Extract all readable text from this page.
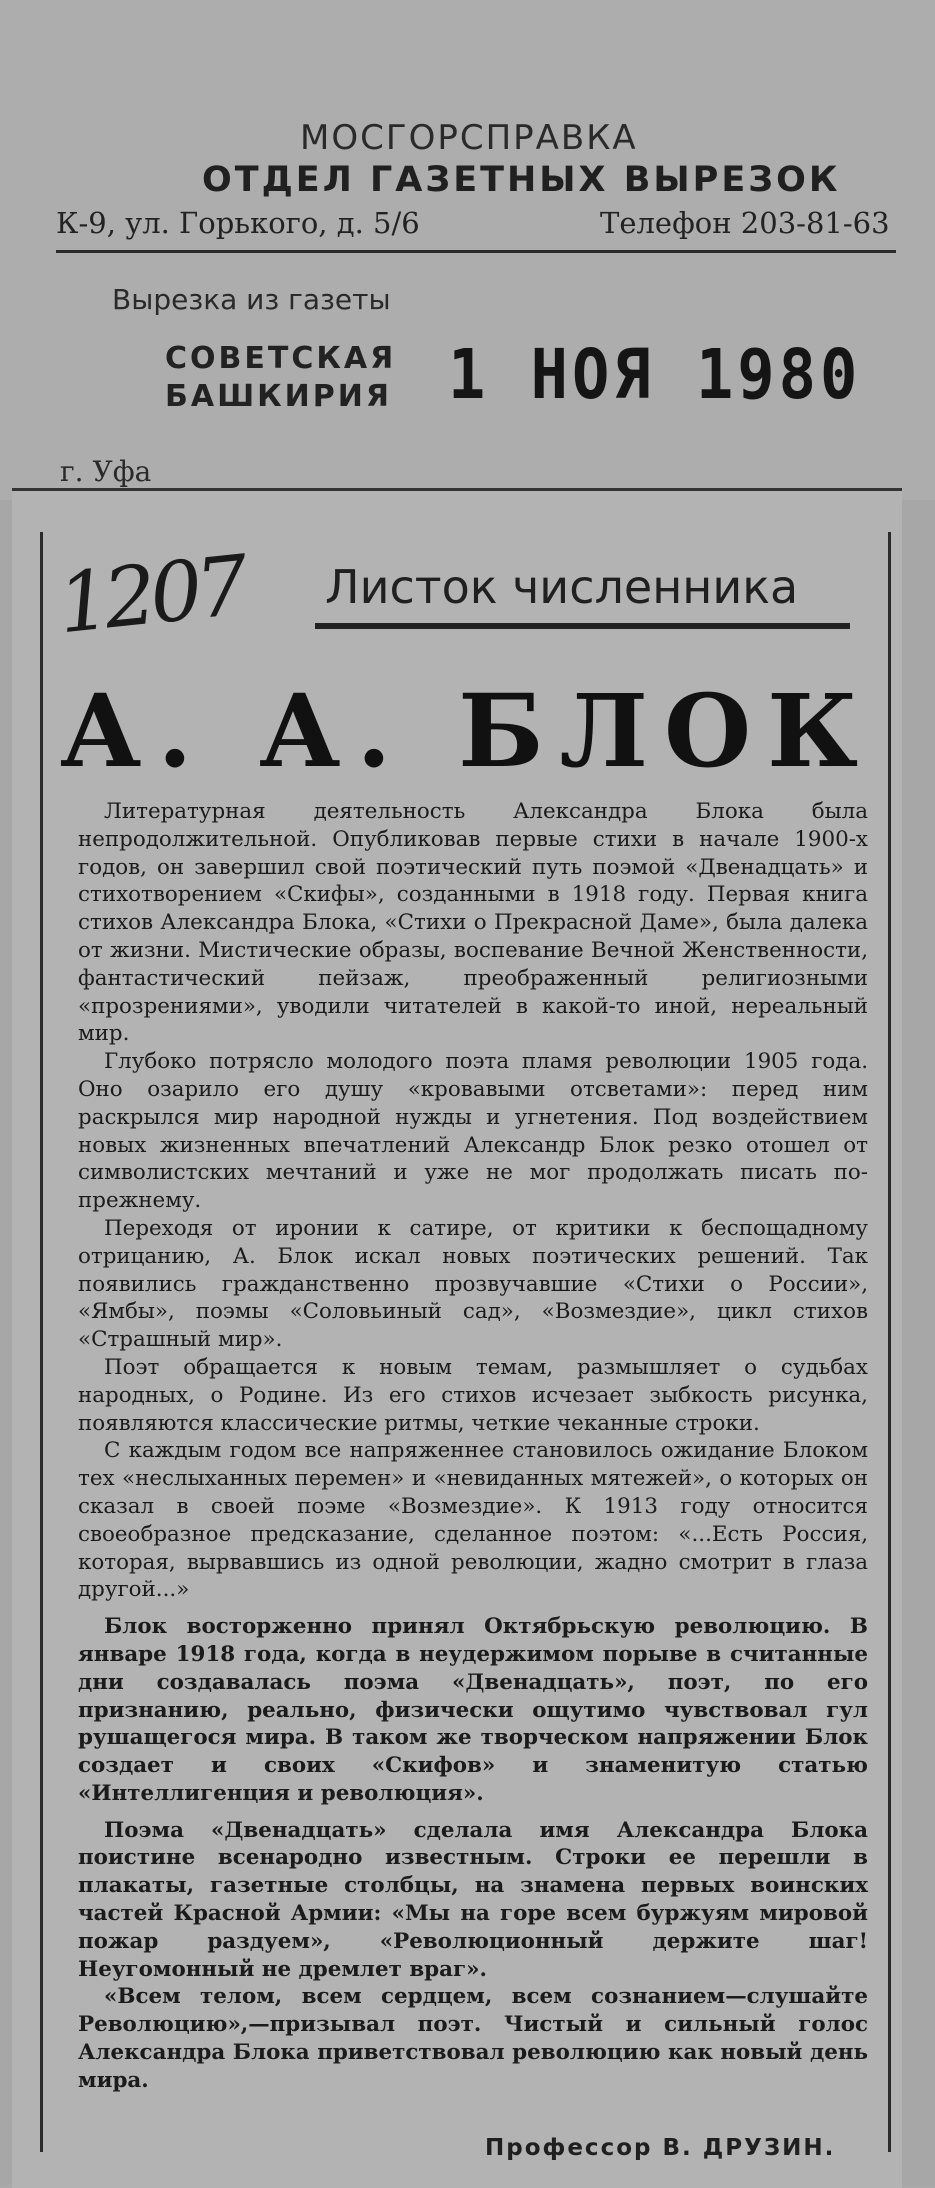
МОСГОРСПРАВКА
ОТДЕЛ ГАЗЕТНЫХ ВЫРЕЗОК
К-9, ул. Горького, д. 5/6	Телефон 203-81-63
Вырезка из газеты
СОВЕТСКАЯ
БАШКИРИЯ 1 НОЯ 1980
г. Уфа
1207 Листок численника
А. А. БЛОК

Литературная деятельность Александра Блока была непродолжительной. Опубликовав первые стихи в начале 1900-х годов, он завершил свой поэтический путь поэмой «Двенадцать» и стихотворением «Скифы», созданными в 1918 году. Первая книга стихов Александра Блока, «Стихи о Прекрасной Даме», была далека от жизни. Мистические образы, воспевание Вечной Женственности, фантастический пейзаж, преображенный религиозными «прозрениями», уводили читателей в какой-то иной, нереальный мир.

Глубоко потрясло молодого поэта пламя революции 1905 года. Оно озарило его душу «кровавыми отсветами»: перед ним раскрылся мир народной нужды и угнетения. Под воздействием новых жизненных впечатлений Александр Блок резко отошел от символистских мечтаний и уже не мог продолжать писать по-прежнему.

Переходя от иронии к сатире, от критики к беспощадному отрицанию, А. Блок искал новых поэтических решений. Так появились гражданственно прозвучавшие «Стихи о России», «Ямбы», поэмы «Соловьиный сад», «Возмездие», цикл стихов «Страшный мир».

Поэт обращается к новым темам, размышляет о судьбах народных, о Родине. Из его стихов исчезает зыбкость рисунка, появляются классические ритмы, четкие чеканные строки.

С каждым годом все напряженнее становилось ожидание Блоком тех «неслыханных перемен» и «невиданных мятежей», о которых он сказал в своей поэме «Возмездие». К 1913 году относится своеобразное предсказание, сделанное поэтом: «...Есть Россия, которая, вырвавшись из одной революции, жадно смотрит в глаза другой...»

Блок восторженно принял Октябрьскую революцию. В январе 1918 года, когда в неудержимом порыве в считанные дни создавалась поэма «Двенадцать», поэт, по его признанию, реально, физически ощутимо чувствовал гул рушащегося мира. В таком же творческом напряжении Блок создает и своих «Скифов» и знаменитую статью «Интеллигенция и революция».

Поэма «Двенадцать» сделала имя Александра Блока поистине всенародно известным. Строки ее перешли в плакаты, газетные столбцы, на знамена первых воинских частей Красной Армии: «Мы на горе всем буржуям мировой пожар раздуем», «Революционный держите шаг! Неугомонный не дремлет враг».

«Всем телом, всем сердцем, всем сознанием—слушайте Революцию»,—призывал поэт. Чистый и сильный голос Александра Блока приветствовал революцию как новый день мира.

Профессор В. ДРУЗИН.
